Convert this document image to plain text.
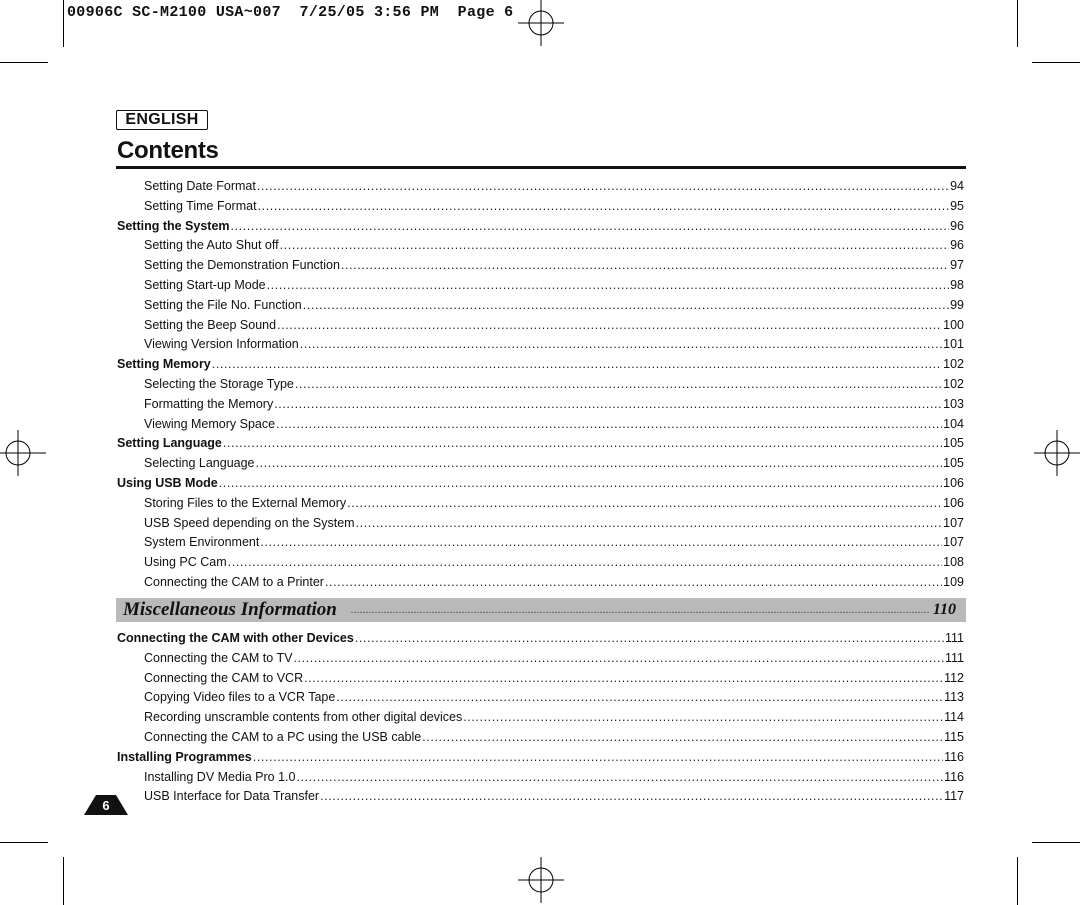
00906C SC-M2100 USA~007  7/25/05 3:56 PM  Page 6
ENGLISH
Contents
Setting Date Format .....	94
Setting Time Format .....	95
Setting the System .....	96
Setting the Auto Shut off .....	96
Setting the Demonstration Function .....	97
Setting Start-up Mode .....	98
Setting the File No. Function .....	99
Setting the Beep Sound .....	100
Viewing Version Information .....	101
Setting Memory .....	102
Selecting the Storage Type .....	102
Formatting the Memory .....	103
Viewing Memory Space .....	104
Setting Language .....	105
Selecting Language .....	105
Using USB Mode .....	106
Storing Files to the External Memory .....	106
USB Speed depending on the System .....	107
System Environment .....	107
Using PC Cam .....	108
Connecting the CAM to a Printer .....	109
Miscellaneous Information .....	110
Connecting the CAM with other Devices .....	111
Connecting the CAM to TV .....	111
Connecting the CAM to VCR .....	112
Copying Video files to a VCR Tape .....	113
Recording unscramble contents from other digital devices .....	114
Connecting the CAM to a PC using the USB cable .....	115
Installing Programmes .....	116
Installing DV Media Pro 1.0 .....	116
USB Interface for Data Transfer .....	117
6
